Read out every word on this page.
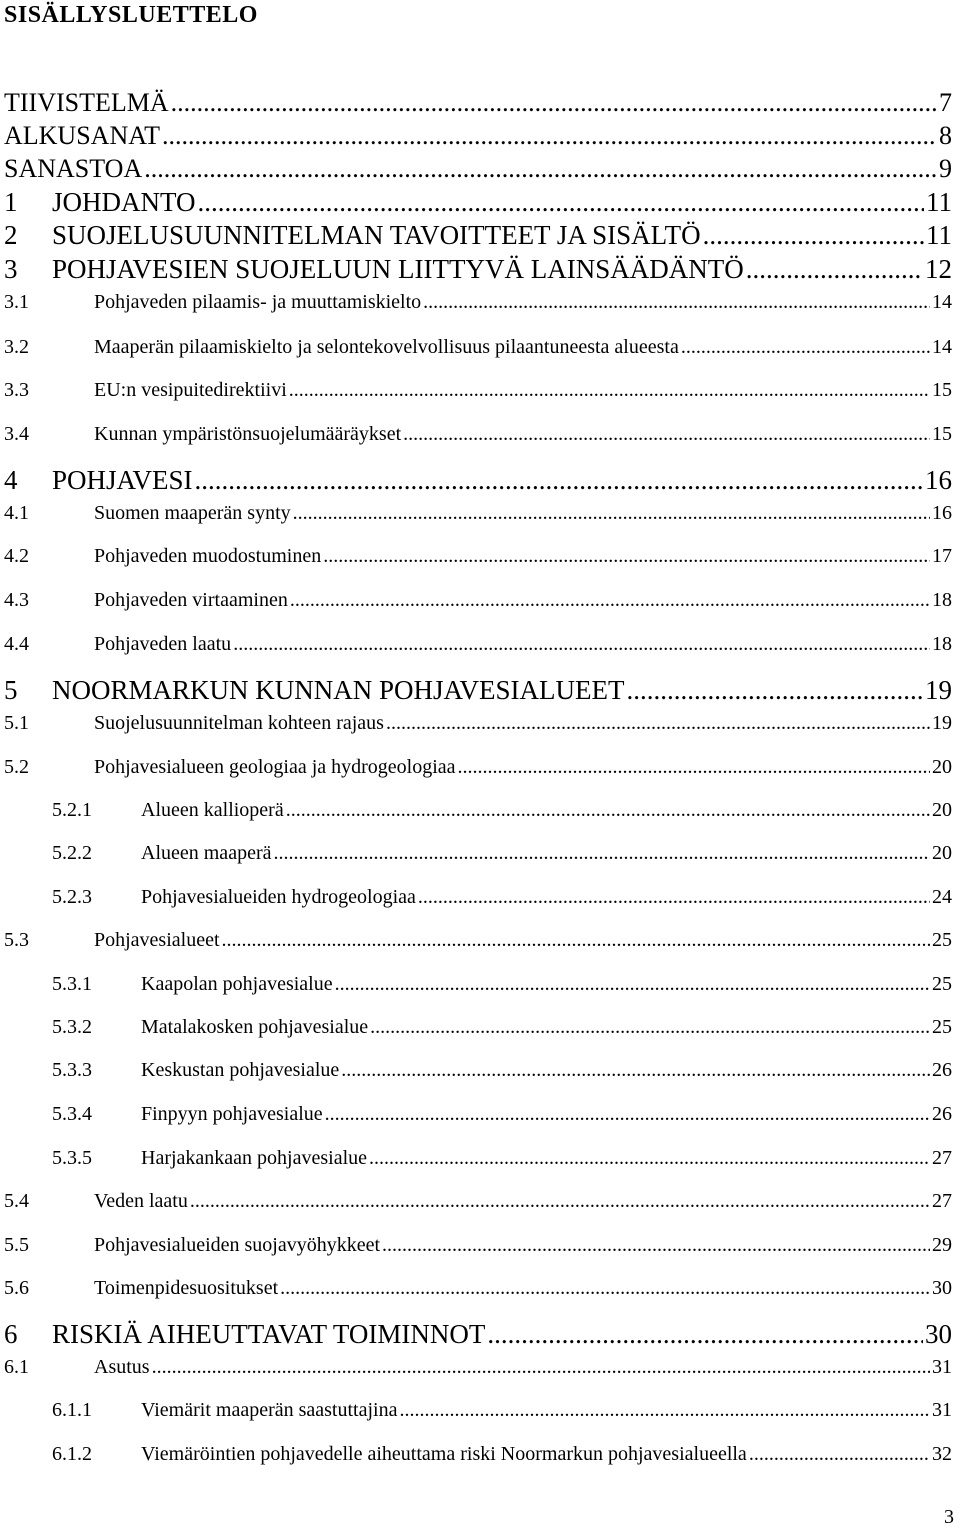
SISÄLLYSLUETTELO
TIIVISTELMÄ .....	7
ALKUSANAT .....	8
SANASTOA .....	9
1	JOHDANTO .....	11
2	SUOJELUSUUNNITELMAN TAVOITTEET JA SISÄLTÖ .....	11
3	POHJAVESIEN SUOJELUUN LIITTYVÄ LAINSÄÄDÄNTÖ .....	12
3.1	Pohjaveden pilaamis- ja muuttamiskielto .....	14
3.2	Maaperän pilaamiskielto ja selontekovelvollisuus pilaantuneesta alueesta .....	14
3.3	EU:n vesipuitedirektiivi .....	15
3.4	Kunnan ympäristönsuojelumääräykset .....	15
4	POHJAVESI .....	16
4.1	Suomen maaperän synty .....	16
4.2	Pohjaveden muodostuminen .....	17
4.3	Pohjaveden virtaaminen .....	18
4.4	Pohjaveden laatu .....	18
5	NOORMARKUN KUNNAN POHJAVESIALUEET .....	19
5.1	Suojelusuunnitelman kohteen rajaus .....	19
5.2	Pohjavesialueen geologiaa ja hydrogeologiaa .....	20
5.2.1	Alueen kallioperä .....	20
5.2.2	Alueen maaperä .....	20
5.2.3	Pohjavesialueiden hydrogeologiaa .....	24
5.3	Pohjavesialueet .....	25
5.3.1	Kaapolan pohjavesialue .....	25
5.3.2	Matalakosken pohjavesialue .....	25
5.3.3	Keskustan pohjavesialue .....	26
5.3.4	Finpyyn pohjavesialue .....	26
5.3.5	Harjakankaan pohjavesialue .....	27
5.4	Veden laatu .....	27
5.5	Pohjavesialueiden suojavyöhykkeet .....	29
5.6	Toimenpidesuositukset .....	30
6	RISKIÄ AIHEUTTAVAT TOIMINNOT .....	30
6.1	Asutus .....	31
6.1.1	Viemärit maaperän saastuttajina .....	31
6.1.2	Viemäröintien pohjavedelle aiheuttama riski Noormarkun pohjavesialueella .....	32
3
